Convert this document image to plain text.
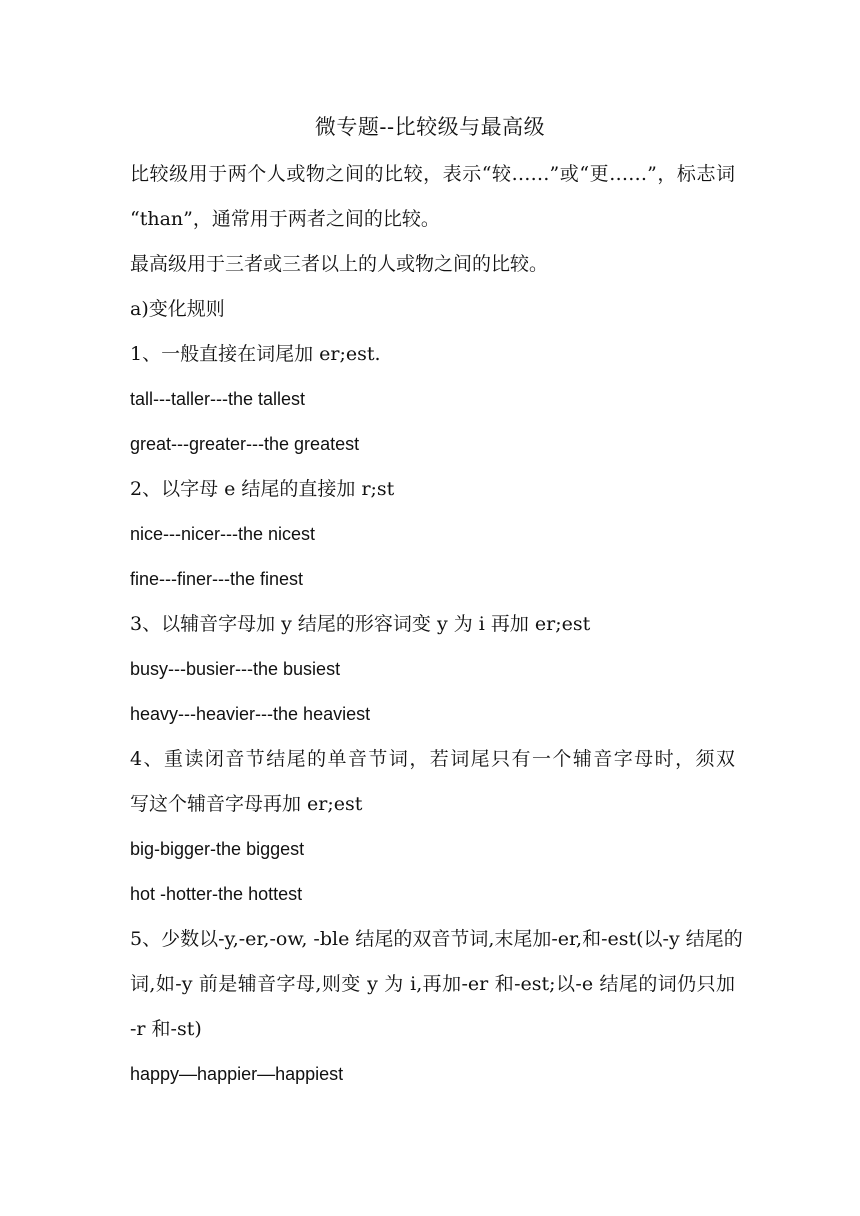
微专题--比较级与最高级
比较级用于两个人或物之间的比较，表示“较……”或“更……”，标志词
“than”，通常用于两者之间的比较。
最高级用于三者或三者以上的人或物之间的比较。
a)变化规则
1、一般直接在词尾加 er;est.
tall---taller---the tallest
great---greater---the greatest
2、以字母 e 结尾的直接加 r;st
nice---nicer---the nicest
fine---finer---the finest
3、以辅音字母加 y 结尾的形容词变 y 为 i 再加 er;est
busy---busier---the busiest
heavy---heavier---the heaviest
4、重读闭音节结尾的单音节词，若词尾只有一个辅音字母时，须双
写这个辅音字母再加 er;est
big-bigger-the biggest
hot -hotter-the hottest
5、少数以-y,-er,-ow, -ble 结尾的双音节词,末尾加-er,和-est(以-y 结尾的
词,如-y 前是辅音字母,则变 y 为 i,再加-er 和-est;以-e 结尾的词仍只加
-r 和-st)
happy—happier—happiest
